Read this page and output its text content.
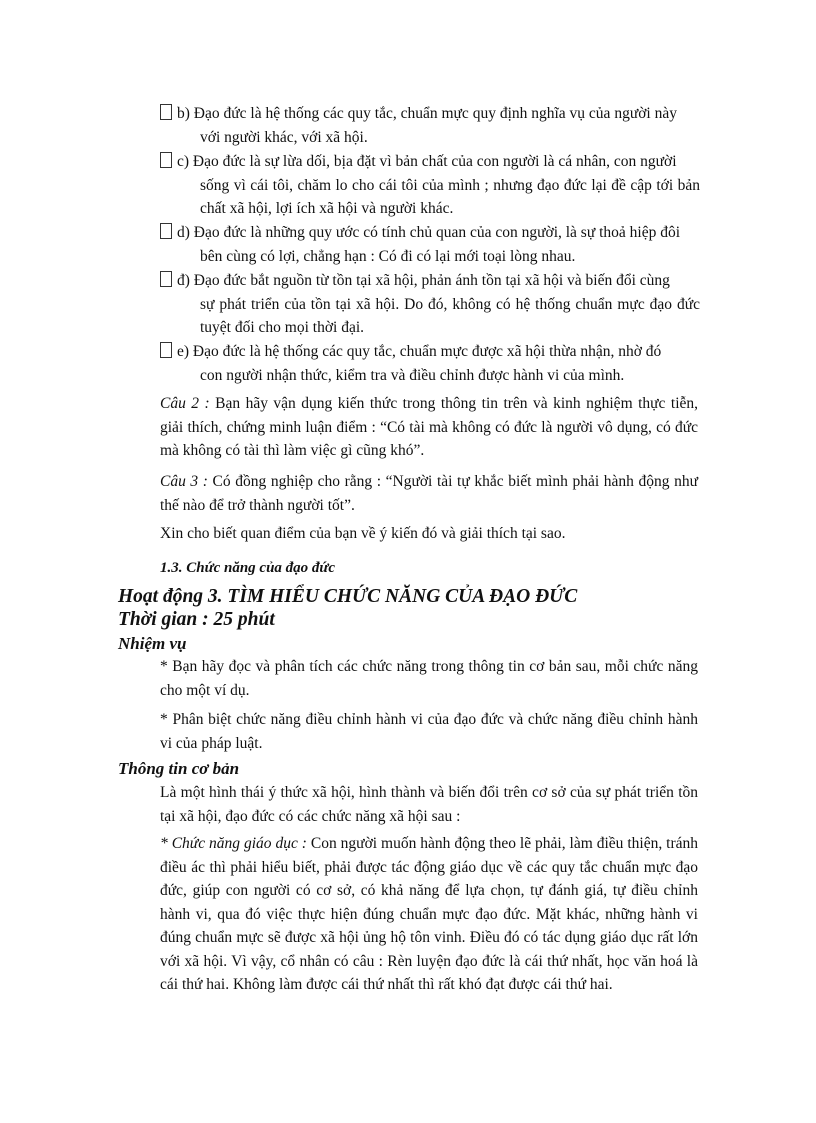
b) Đạo đức là hệ thống các quy tắc, chuẩn mực quy định nghĩa vụ của người này
với người khác, với xã hội.
c) Đạo đức là sự lừa dối, bịa đặt vì bản chất của con người là cá nhân, con người
sống vì cái tôi, chăm lo cho cái tôi của mình ; nhưng đạo đức lại đề cập tới bản chất xã hội, lợi ích xã hội và người khác.
d) Đạo đức là những quy ước có tính chủ quan của con người, là sự thoả hiệp đôi
bên cùng có lợi, chẳng hạn : Có đi có lại mới toại lòng nhau.
đ) Đạo đức bắt nguồn từ tồn tại xã hội, phản ánh tồn tại xã hội và biến đổi cùng
sự phát triển của tồn tại xã hội. Do đó, không có hệ thống chuẩn mực đạo đức tuyệt đối cho mọi thời đại.
e) Đạo đức là hệ thống các quy tắc, chuẩn mực được xã hội thừa nhận, nhờ đó
con người nhận thức, kiểm tra và điều chỉnh được hành vi của mình.
Câu 2 : Bạn hãy vận dụng kiến thức trong thông tin trên và kinh nghiệm thực tiễn, giải thích, chứng minh luận điểm : “Có tài mà không có đức là người vô dụng, có đức mà không có tài thì làm việc gì cũng khó”.
Câu 3 : Có đồng nghiệp cho rằng : “Người tài tự khắc biết mình phải hành động như thế nào để trở thành người tốt”.
Xin cho biết quan điểm của bạn về ý kiến đó và giải thích tại sao.
1.3. Chức năng của đạo đức
Hoạt động 3. TÌM HIỂU CHỨC NĂNG CỦA ĐẠO ĐỨC
Thời gian : 25 phút
Nhiệm vụ
* Bạn hãy đọc và phân tích các chức năng trong thông tin cơ bản sau, mỗi chức năng cho một ví dụ.
* Phân biệt chức năng điều chỉnh hành vi của đạo đức và chức năng điều chỉnh hành vi của pháp luật.
Thông tin cơ bản
Là một hình thái ý thức xã hội, hình thành và biến đổi trên cơ sở của sự phát triển tồn tại xã hội, đạo đức có các chức năng xã hội sau :
* Chức năng giáo dục : Con người muốn hành động theo lẽ phải, làm điều thiện, tránh điều ác thì phải hiểu biết, phải được tác động giáo dục về các quy tắc chuẩn mực đạo đức, giúp con người có cơ sở, có khả năng để lựa chọn, tự đánh giá, tự điều chỉnh hành vi, qua đó việc thực hiện đúng chuẩn mực đạo đức. Mặt khác, những hành vi đúng chuẩn mực sẽ được xã hội ủng hộ tôn vinh. Điều đó có tác dụng giáo dục rất lớn với xã hội. Vì vậy, cổ nhân có câu : Rèn luyện đạo đức là cái thứ nhất, học văn hoá là cái thứ hai. Không làm được cái thứ nhất thì rất khó đạt được cái thứ hai.
